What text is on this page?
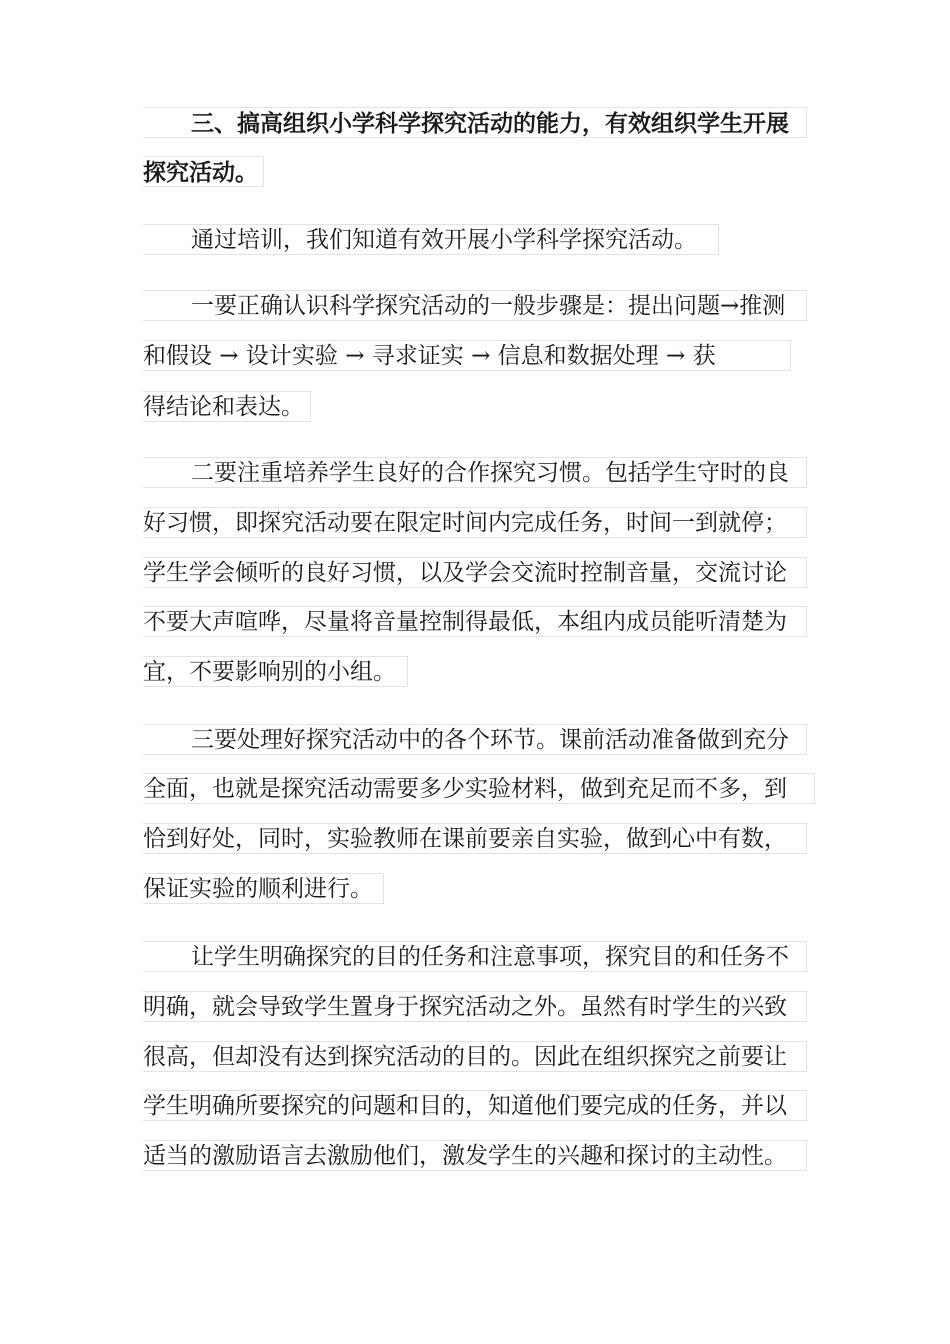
三、搞高组织小学科学探究活动的能力，有效组织学生开展
探究活动。
通过培训，我们知道有效开展小学科学探究活动。
一要正确认识科学探究活动的一般步骤是：提出问题→推测
和假设 → 设计实验 → 寻求证实 → 信息和数据处理 → 获
得结论和表达。
二要注重培养学生良好的合作探究习惯。包括学生守时的良
好习惯，即探究活动要在限定时间内完成任务，时间一到就停；
学生学会倾听的良好习惯，以及学会交流时控制音量，交流讨论
不要大声喧哗，尽量将音量控制得最低，本组内成员能听清楚为
宜，不要影响别的小组。
三要处理好探究活动中的各个环节。课前活动准备做到充分
全面，也就是探究活动需要多少实验材料，做到充足而不多，到
恰到好处，同时，实验教师在课前要亲自实验，做到心中有数，
保证实验的顺利进行。
让学生明确探究的目的任务和注意事项，探究目的和任务不
明确，就会导致学生置身于探究活动之外。虽然有时学生的兴致
很高，但却没有达到探究活动的目的。因此在组织探究之前要让
学生明确所要探究的问题和目的，知道他们要完成的任务，并以
适当的激励语言去激励他们，激发学生的兴趣和探讨的主动性。
